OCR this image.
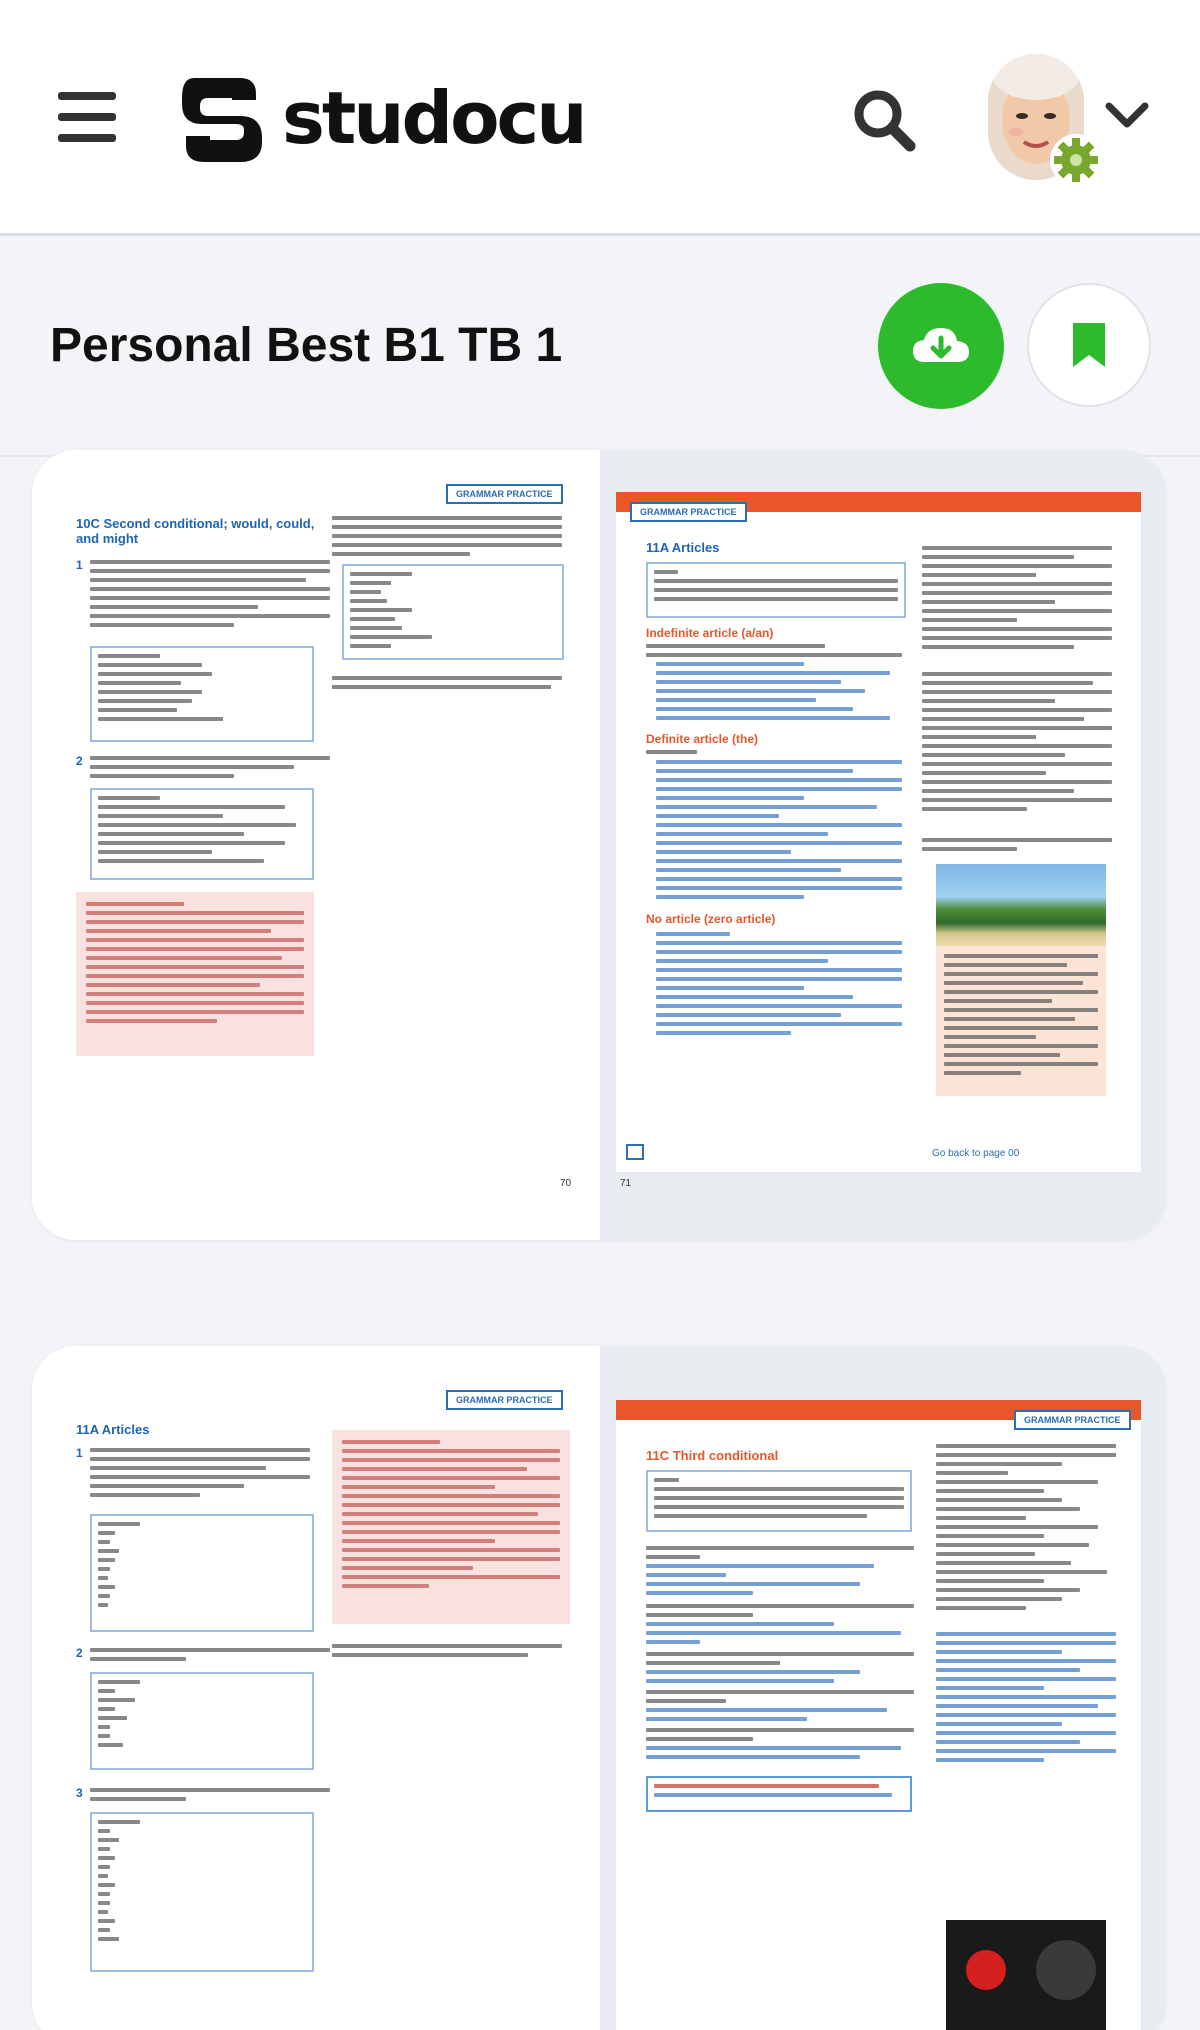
studocu
Personal Best B1 TB 1
GRAMMAR PRACTICE
10C Second conditional; would, could, and might
1
2
70
GRAMMAR PRACTICE
11A Articles
Indefinite article (a/an)
Definite article (the)
No article (zero article)
Go back to page 00
71
GRAMMAR PRACTICE
11A Articles
1
2
3
GRAMMAR PRACTICE
11C Third conditional
